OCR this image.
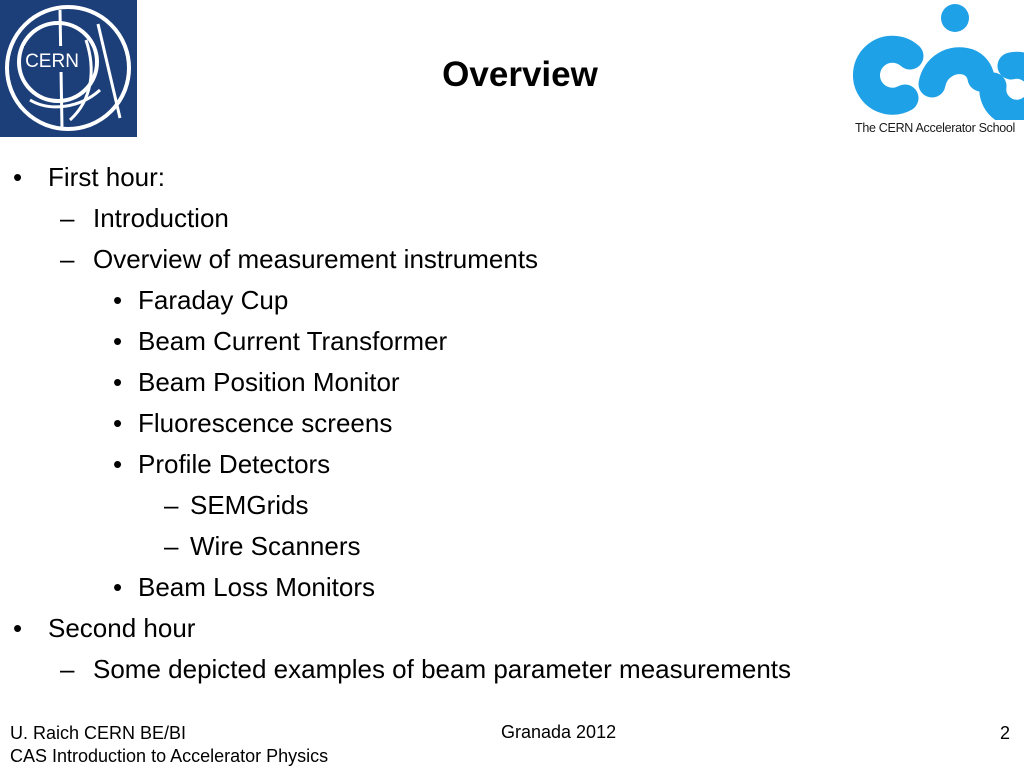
CERN	Overview
The CERN Accelerator School
• First hour:
– Introduction
– Overview of measurement instruments
• Faraday Cup
• Beam Current Transformer
• Beam Position Monitor
• Fluorescence screens
• Profile Detectors
– SEMGrids
– Wire Scanners
• Beam Loss Monitors
• Second hour
– Some depicted examples of beam parameter measurements
U. Raich CERN BE/BI
CAS Introduction to Accelerator Physics
Granada 2012	2
